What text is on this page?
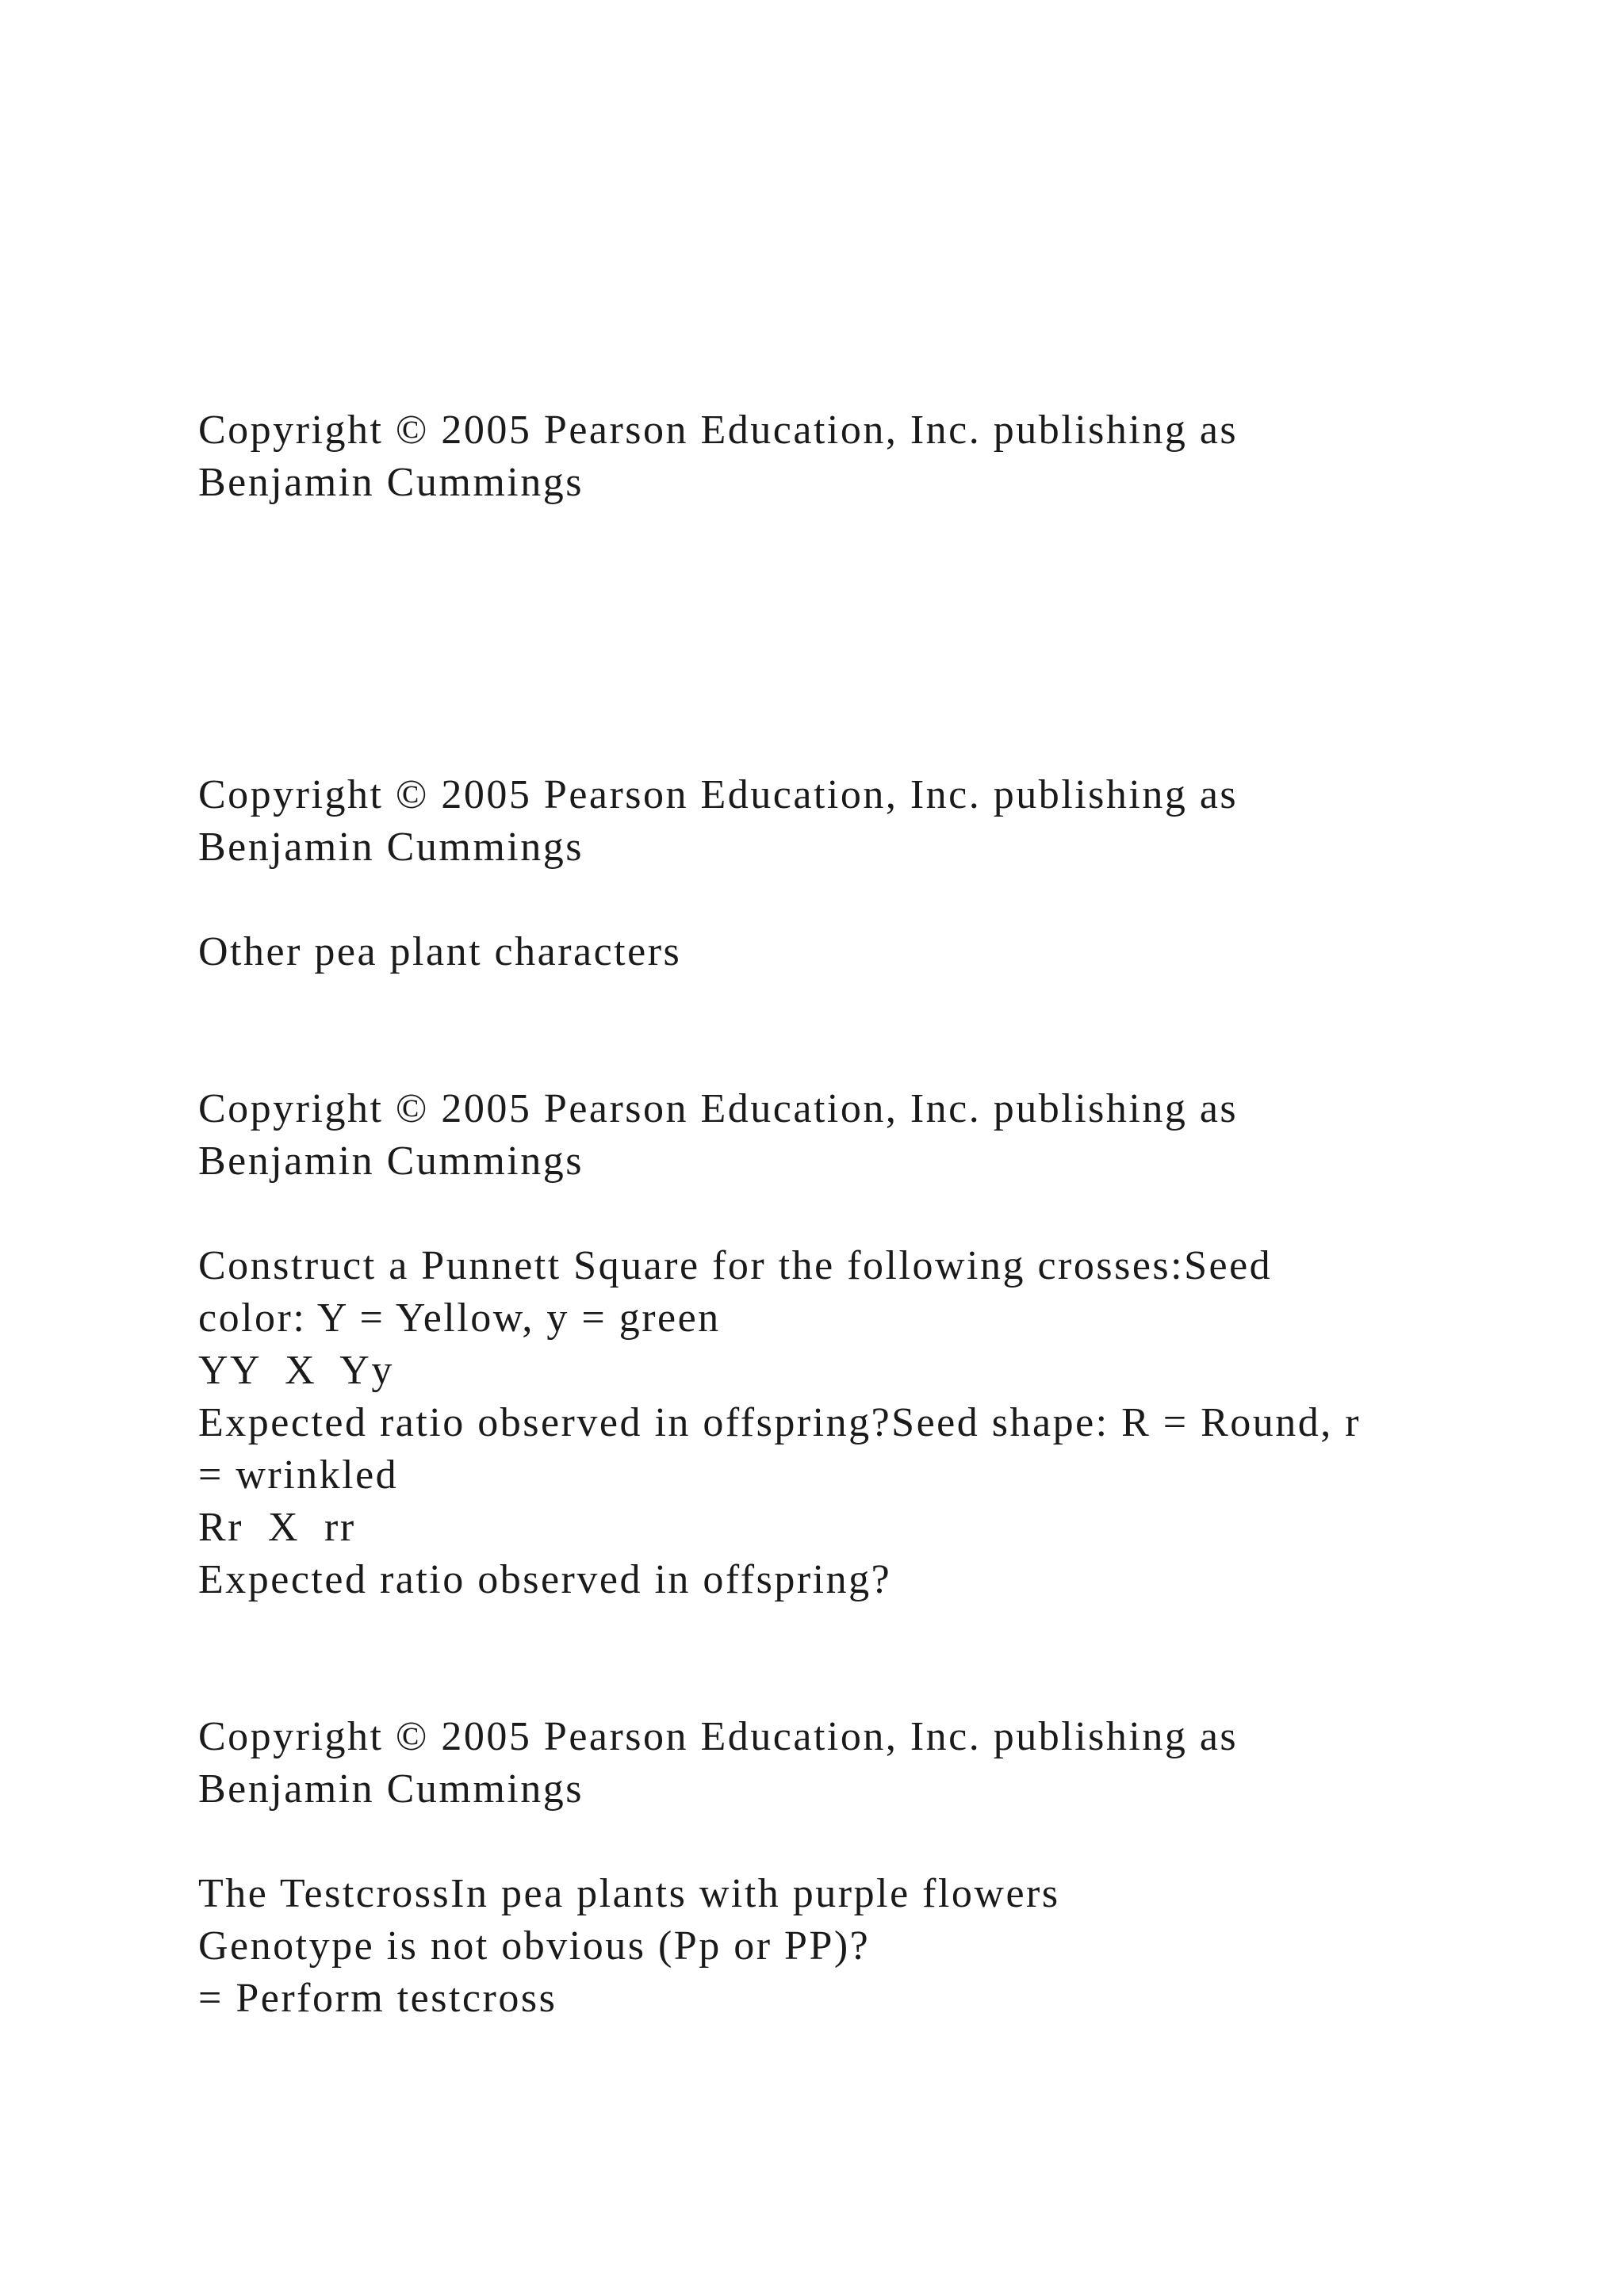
Copyright © 2005 Pearson Education, Inc. publishing as

Benjamin Cummings

Copyright © 2005 Pearson Education, Inc. publishing as

Benjamin Cummings

Other pea plant characters

Copyright © 2005 Pearson Education, Inc. publishing as

Benjamin Cummings

Construct a Punnett Square for the following crosses:Seed

color: Y = Yellow, y = green

YY  X  Yy

Expected ratio observed in offspring?Seed shape: R = Round, r

= wrinkled

Rr  X  rr

Expected ratio observed in offspring?

Copyright © 2005 Pearson Education, Inc. publishing as

Benjamin Cummings

The TestcrossIn pea plants with purple flowers

Genotype is not obvious (Pp or PP)?

= Perform testcross
